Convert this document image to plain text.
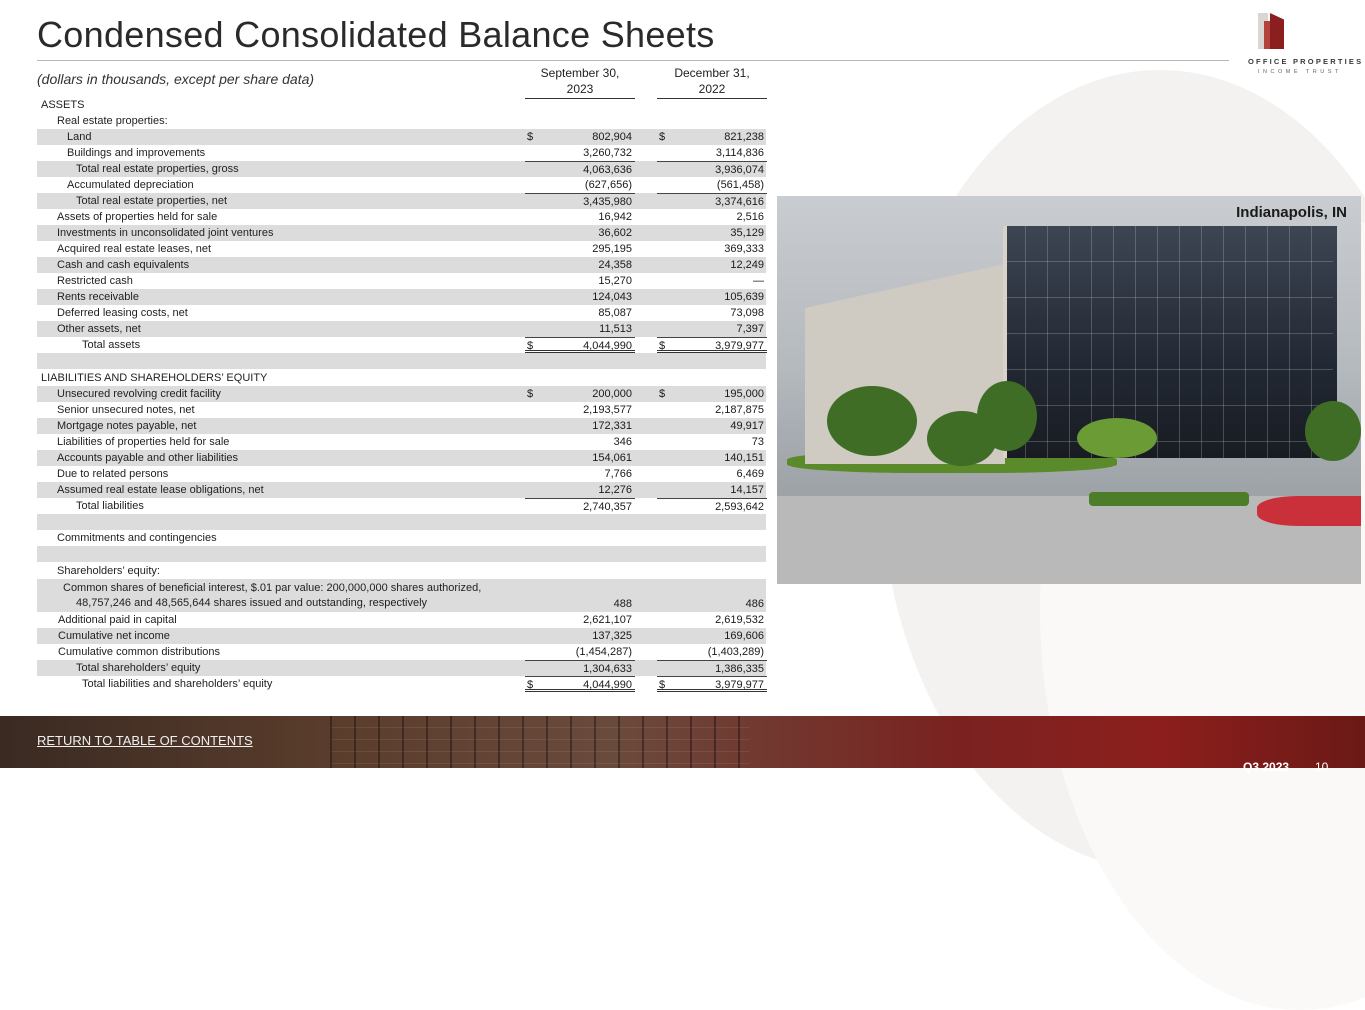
Condensed Consolidated Balance Sheets
OFFICE PROPERTIES
INCOME TRUST
(dollars in thousands, except per share data)	September 30,
2023
December 31,
2022
ASSETS
Real estate properties:
Land	$	802,904 $	821,238
Buildings and improvements	3,260,732	3,114,836
Total real estate properties, gross	4,063,636	3,936,074
Accumulated depreciation	(627,656)	(561,458)
Total real estate properties, net	3,435,980	3,374,616
Assets of properties held for sale	16,942	2,516
Investments in unconsolidated joint ventures	36,602	35,129
Acquired real estate leases, net	295,195	369,333
Cash and cash equivalents	24,358	12,249
Restricted cash	15,270	—
Rents receivable	124,043	105,639
Deferred leasing costs, net	85,087	73,098
Other assets, net	11,513	7,397
Total assets	$	4,044,990 $	3,979,977
LIABILITIES AND SHAREHOLDERS’ EQUITY
Unsecured revolving credit facility	$	200,000 $	195,000
Senior unsecured notes, net	2,193,577	2,187,875
Mortgage notes payable, net	172,331	49,917
Liabilities of properties held for sale	346	73
Accounts payable and other liabilities	154,061	140,151
Due to related persons	7,766	6,469
Assumed real estate lease obligations, net	12,276	14,157
Total liabilities	2,740,357	2,593,642
Commitments and contingencies
Shareholders’ equity:
Common shares of beneficial interest, $.01 par value: 200,000,000 shares authorized,
48,757,246 and 48,565,644 shares issued and outstanding, respectively	488	486
Additional paid in capital	2,621,107	2,619,532
Cumulative net income	137,325	169,606
Cumulative common distributions	(1,454,287)	(1,403,289)
Total shareholders’ equity	1,304,633	1,386,335
Total liabilities and shareholders’ equity	$	4,044,990 $	3,979,977
Indianapolis, IN
RETURN TO TABLE OF CONTENTS
Q3 2023 10
